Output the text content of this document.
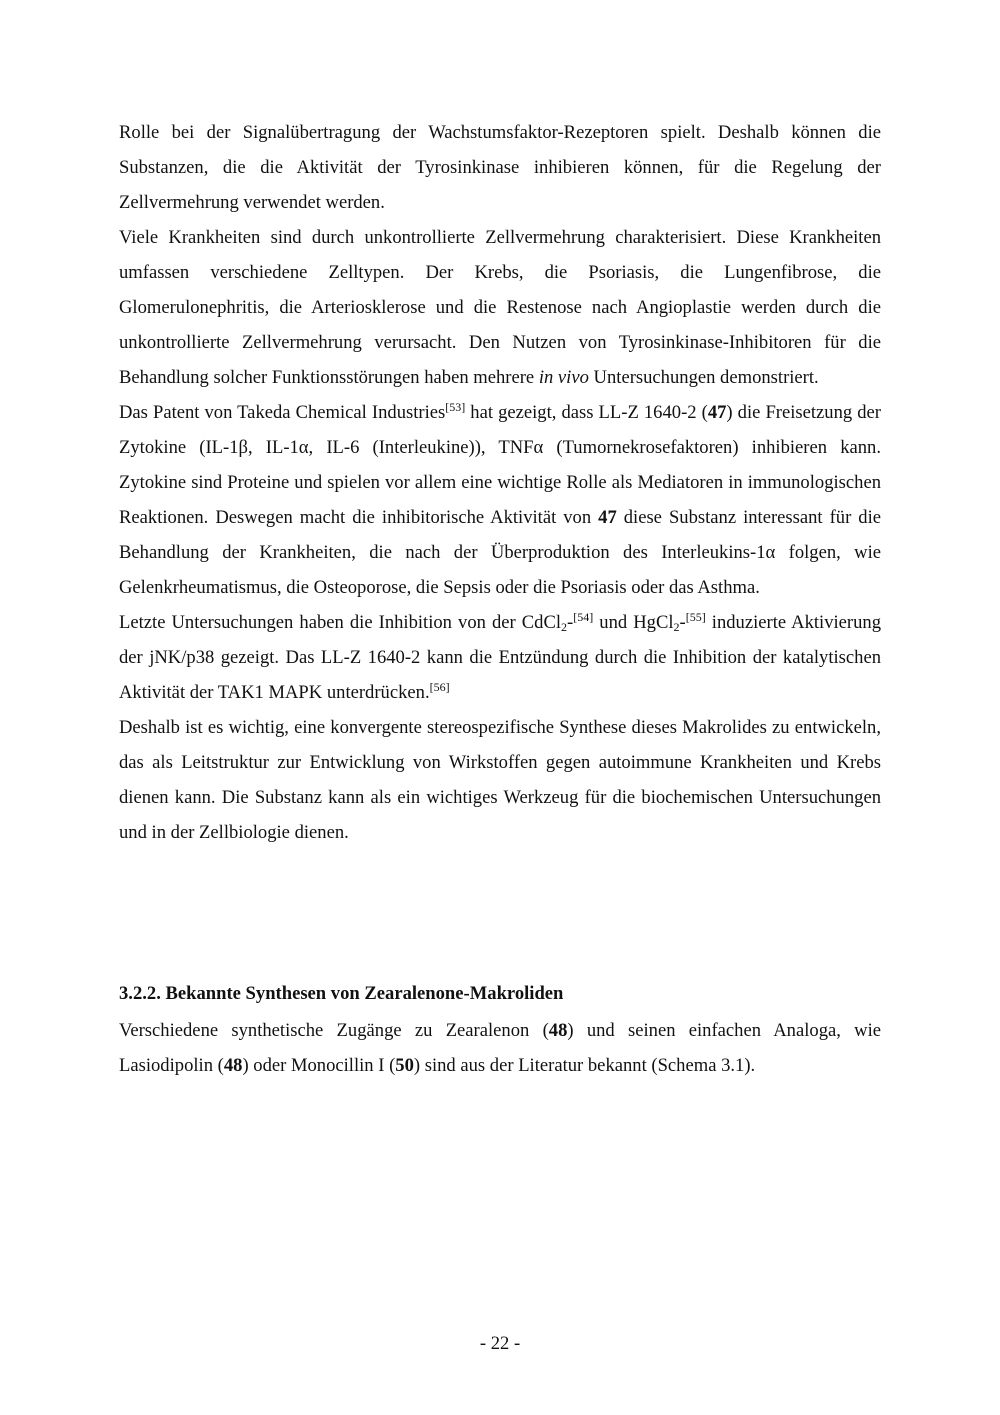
Rolle bei der Signalübertragung der Wachstumsfaktor-Rezeptoren spielt. Deshalb können die Substanzen, die die Aktivität der Tyrosinkinase inhibieren können, für die Regelung der Zellvermehrung verwendet werden.

Viele Krankheiten sind durch unkontrollierte Zellvermehrung charakterisiert. Diese Krankheiten umfassen verschiedene Zelltypen. Der Krebs, die Psoriasis, die Lungenfibrose, die Glomerulonephritis, die Arteriosklerose und die Restenose nach Angioplastie werden durch die unkontrollierte Zellvermehrung verursacht. Den Nutzen von Tyrosinkinase-Inhibitoren für die Behandlung solcher Funktionsstörungen haben mehrere in vivo Untersuchungen demonstriert.

Das Patent von Takeda Chemical Industries[53] hat gezeigt, dass LL-Z 1640-2 (47) die Freisetzung der Zytokine (IL-1β, IL-1α, IL-6 (Interleukine)), TNFα (Tumornekrosefaktoren) inhibieren kann. Zytokine sind Proteine und spielen vor allem eine wichtige Rolle als Mediatoren in immunologischen Reaktionen. Deswegen macht die inhibitorische Aktivität von 47 diese Substanz interessant für die Behandlung der Krankheiten, die nach der Überproduktion des Interleukins-1α folgen, wie Gelenkrheumatismus, die Osteoporose, die Sepsis oder die Psoriasis oder das Asthma.

Letzte Untersuchungen haben die Inhibition von der CdCl$_2$-[54] und HgCl$_2$-[55] induzierte Aktivierung der jNK/p38 gezeigt. Das LL-Z 1640-2 kann die Entzündung durch die Inhibition der katalytischen Aktivität der TAK1 MAPK unterdrücken.[56]

Deshalb ist es wichtig, eine konvergente stereospezifische Synthese dieses Makrolides zu entwickeln, das als Leitstruktur zur Entwicklung von Wirkstoffen gegen autoimmune Krankheiten und Krebs dienen kann. Die Substanz kann als ein wichtiges Werkzeug für die biochemischen Untersuchungen und in der Zellbiologie dienen.

3.2.2. Bekannte Synthesen von Zearalenone-Makroliden

Verschiedene synthetische Zugänge zu Zearalenon (48) und seinen einfachen Analoga, wie Lasiodipolin (48) oder Monocillin I (50) sind aus der Literatur bekannt (Schema 3.1).

- 22 -
